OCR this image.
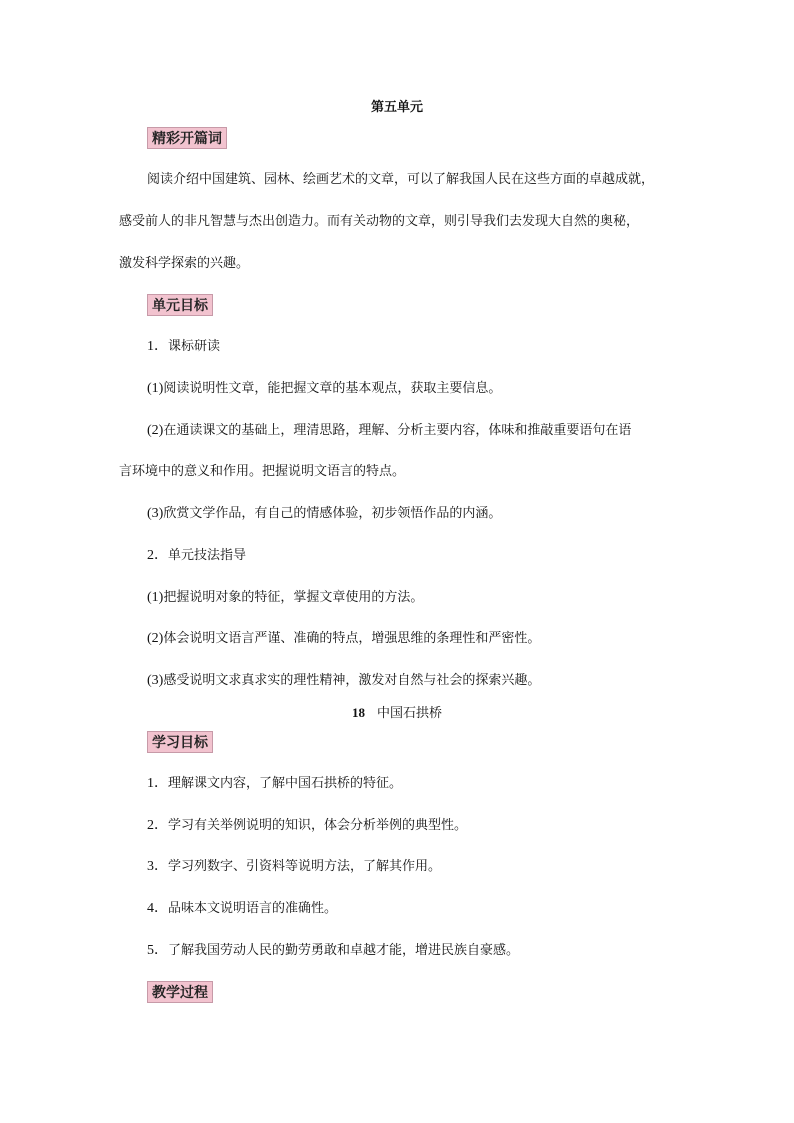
第五单元
精彩开篇词
阅读介绍中国建筑、园林、绘画艺术的文章，可以了解我国人民在这些方面的卓越成就，
感受前人的非凡智慧与杰出创造力。而有关动物的文章，则引导我们去发现大自然的奥秘，
激发科学探索的兴趣。
单元目标
1．课标研读
(1)阅读说明性文章，能把握文章的基本观点，获取主要信息。
(2)在通读课文的基础上，理清思路，理解、分析主要内容，体味和推敲重要语句在语
言环境中的意义和作用。把握说明文语言的特点。
(3)欣赏文学作品，有自己的情感体验，初步领悟作品的内涵。
2．单元技法指导
(1)把握说明对象的特征，掌握文章使用的方法。
(2)体会说明文语言严谨、准确的特点，增强思维的条理性和严密性。
(3)感受说明文求真求实的理性精神，激发对自然与社会的探索兴趣。
18 中国石拱桥
学习目标
1．理解课文内容，了解中国石拱桥的特征。
2．学习有关举例说明的知识，体会分析举例的典型性。
3．学习列数字、引资料等说明方法，了解其作用。
4．品味本文说明语言的准确性。
5．了解我国劳动人民的勤劳勇敢和卓越才能，增进民族自豪感。
教学过程
